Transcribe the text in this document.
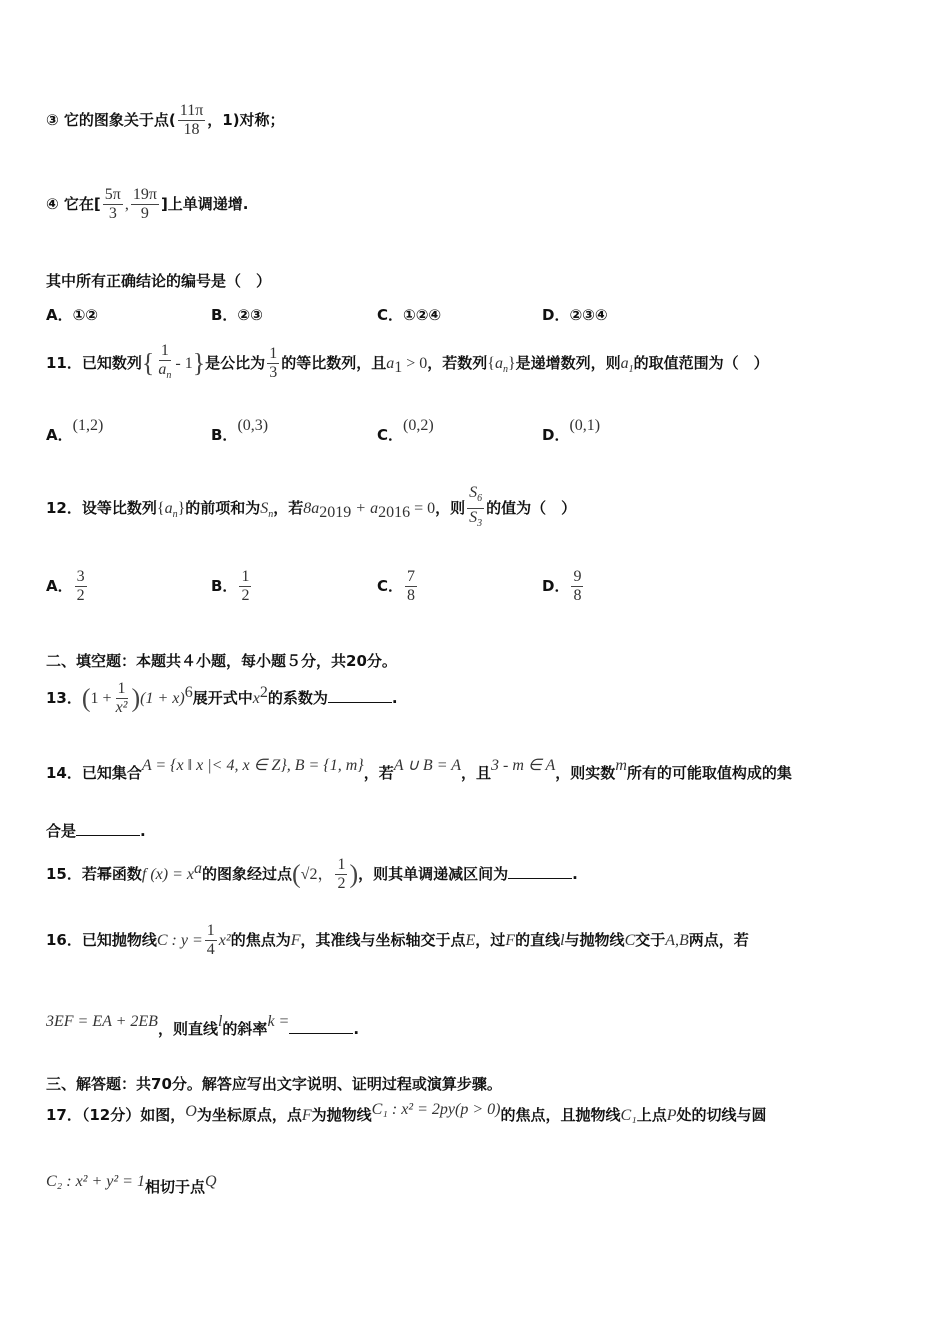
③ 它的图象关于点( $\frac{11\pi}{18}$ ，1)对称；
④ 它在[ $\frac{5\pi}{3}$ , $\frac{19\pi}{9}$ ]上单调递增.
其中所有正确结论的编号是（　）
A．①②	B．②③	C．①②④	D．②③④
11．已知数列{ $\frac{1}{a_n} - 1$}是公比为 $\frac{1}{3}$ 的等比数列，且$a_1 > 0$，若数列$\{a_n\}$是递增数列，则$a_1$的取值范围为（　）
A．(1,2)
B．(0,3)
C．(0,2)
D．(0,1)
12．设等比数列$\{a_n\}$的前项和为$S_n$，若$8a_{2019} + a_{2016} = 0$，则 $\frac{S_6}{S_3}$ 的值为（　）
A． $\frac{3}{2}$	B． $\frac{1}{2}$	C． $\frac{7}{8}$	D． $\frac{9}{8}$
二、填空题：本题共４小题，每小题５分，共20分。
13．$(1 + \frac{1}{\text{x²}} )(1 + x)^6$展开式中$x^2$的系数为	.
14．已知集合A = {x ‖ x |< 4, x ∈ Z}, B = {1, m}，若A ∪ B = A，且3 - m ∈ A，则实数m所有的可能取值构成的集
合是	.
15．若幂函数f $(x) = x^a$的图象经过点(√2， $\frac{1}{2}$ )，则其单调递减区间为	.
16．已知抛物线C : $y = \frac{1}{4} x^2$的焦点为F，其准线与坐标轴交于点E，过F的直线l与抛物线C交于A,B两点，若
3EF = EA + 2EB，则直线l的斜率k =	.
三、解答题：共70分。解答应写出文字说明、证明过程或演算步骤。
17．（12分）如图，O为坐标原点，点F为抛物线C₁ : x² = 2py(p > 0)的焦点，且抛物线C₁上点P处的切线与圆
C₂ : x² + y² = 1相切于点Q
